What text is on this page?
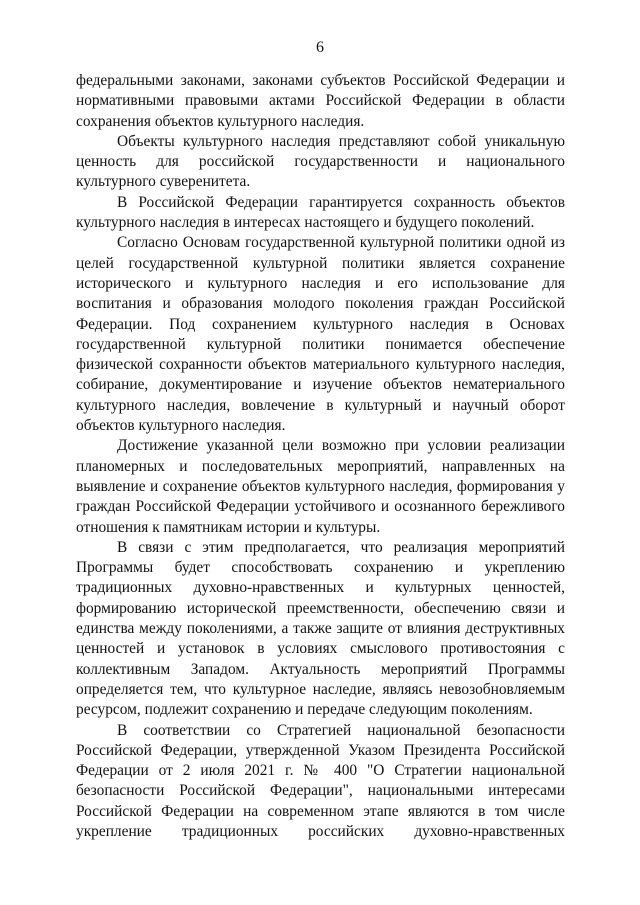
6

федеральными законами, законами субъектов Российской Федерации и нормативными правовыми актами Российской Федерации в области сохранения объектов культурного наследия.

Объекты культурного наследия представляют собой уникальную ценность для российской государственности и национального культурного суверенитета.

В Российской Федерации гарантируется сохранность объектов культурного наследия в интересах настоящего и будущего поколений.

Согласно Основам государственной культурной политики одной из целей государственной культурной политики является сохранение исторического и культурного наследия и его использование для воспитания и образования молодого поколения граждан Российской Федерации. Под сохранением культурного наследия в Основах государственной культурной политики понимается обеспечение физической сохранности объектов материального культурного наследия, собирание, документирование и изучение объектов нематериального культурного наследия, вовлечение в культурный и научный оборот объектов культурного наследия.

Достижение указанной цели возможно при условии реализации планомерных и последовательных мероприятий, направленных на выявление и сохранение объектов культурного наследия, формирования у граждан Российской Федерации устойчивого и осознанного бережливого отношения к памятникам истории и культуры.

В связи с этим предполагается, что реализация мероприятий Программы будет способствовать сохранению и укреплению традиционных духовно-нравственных и культурных ценностей, формированию исторической преемственности, обеспечению связи и единства между поколениями, а также защите от влияния деструктивных ценностей и установок в условиях смыслового противостояния с коллективным Западом. Актуальность мероприятий Программы определяется тем, что культурное наследие, являясь невозобновляемым ресурсом, подлежит сохранению и передаче следующим поколениям.

В соответствии со Стратегией национальной безопасности Российской Федерации, утвержденной Указом Президента Российской Федерации от 2 июля 2021 г. № 400 "О Стратегии национальной безопасности Российской Федерации", национальными интересами Российской Федерации на современном этапе являются в том числе укрепление традиционных российских духовно-нравственных
